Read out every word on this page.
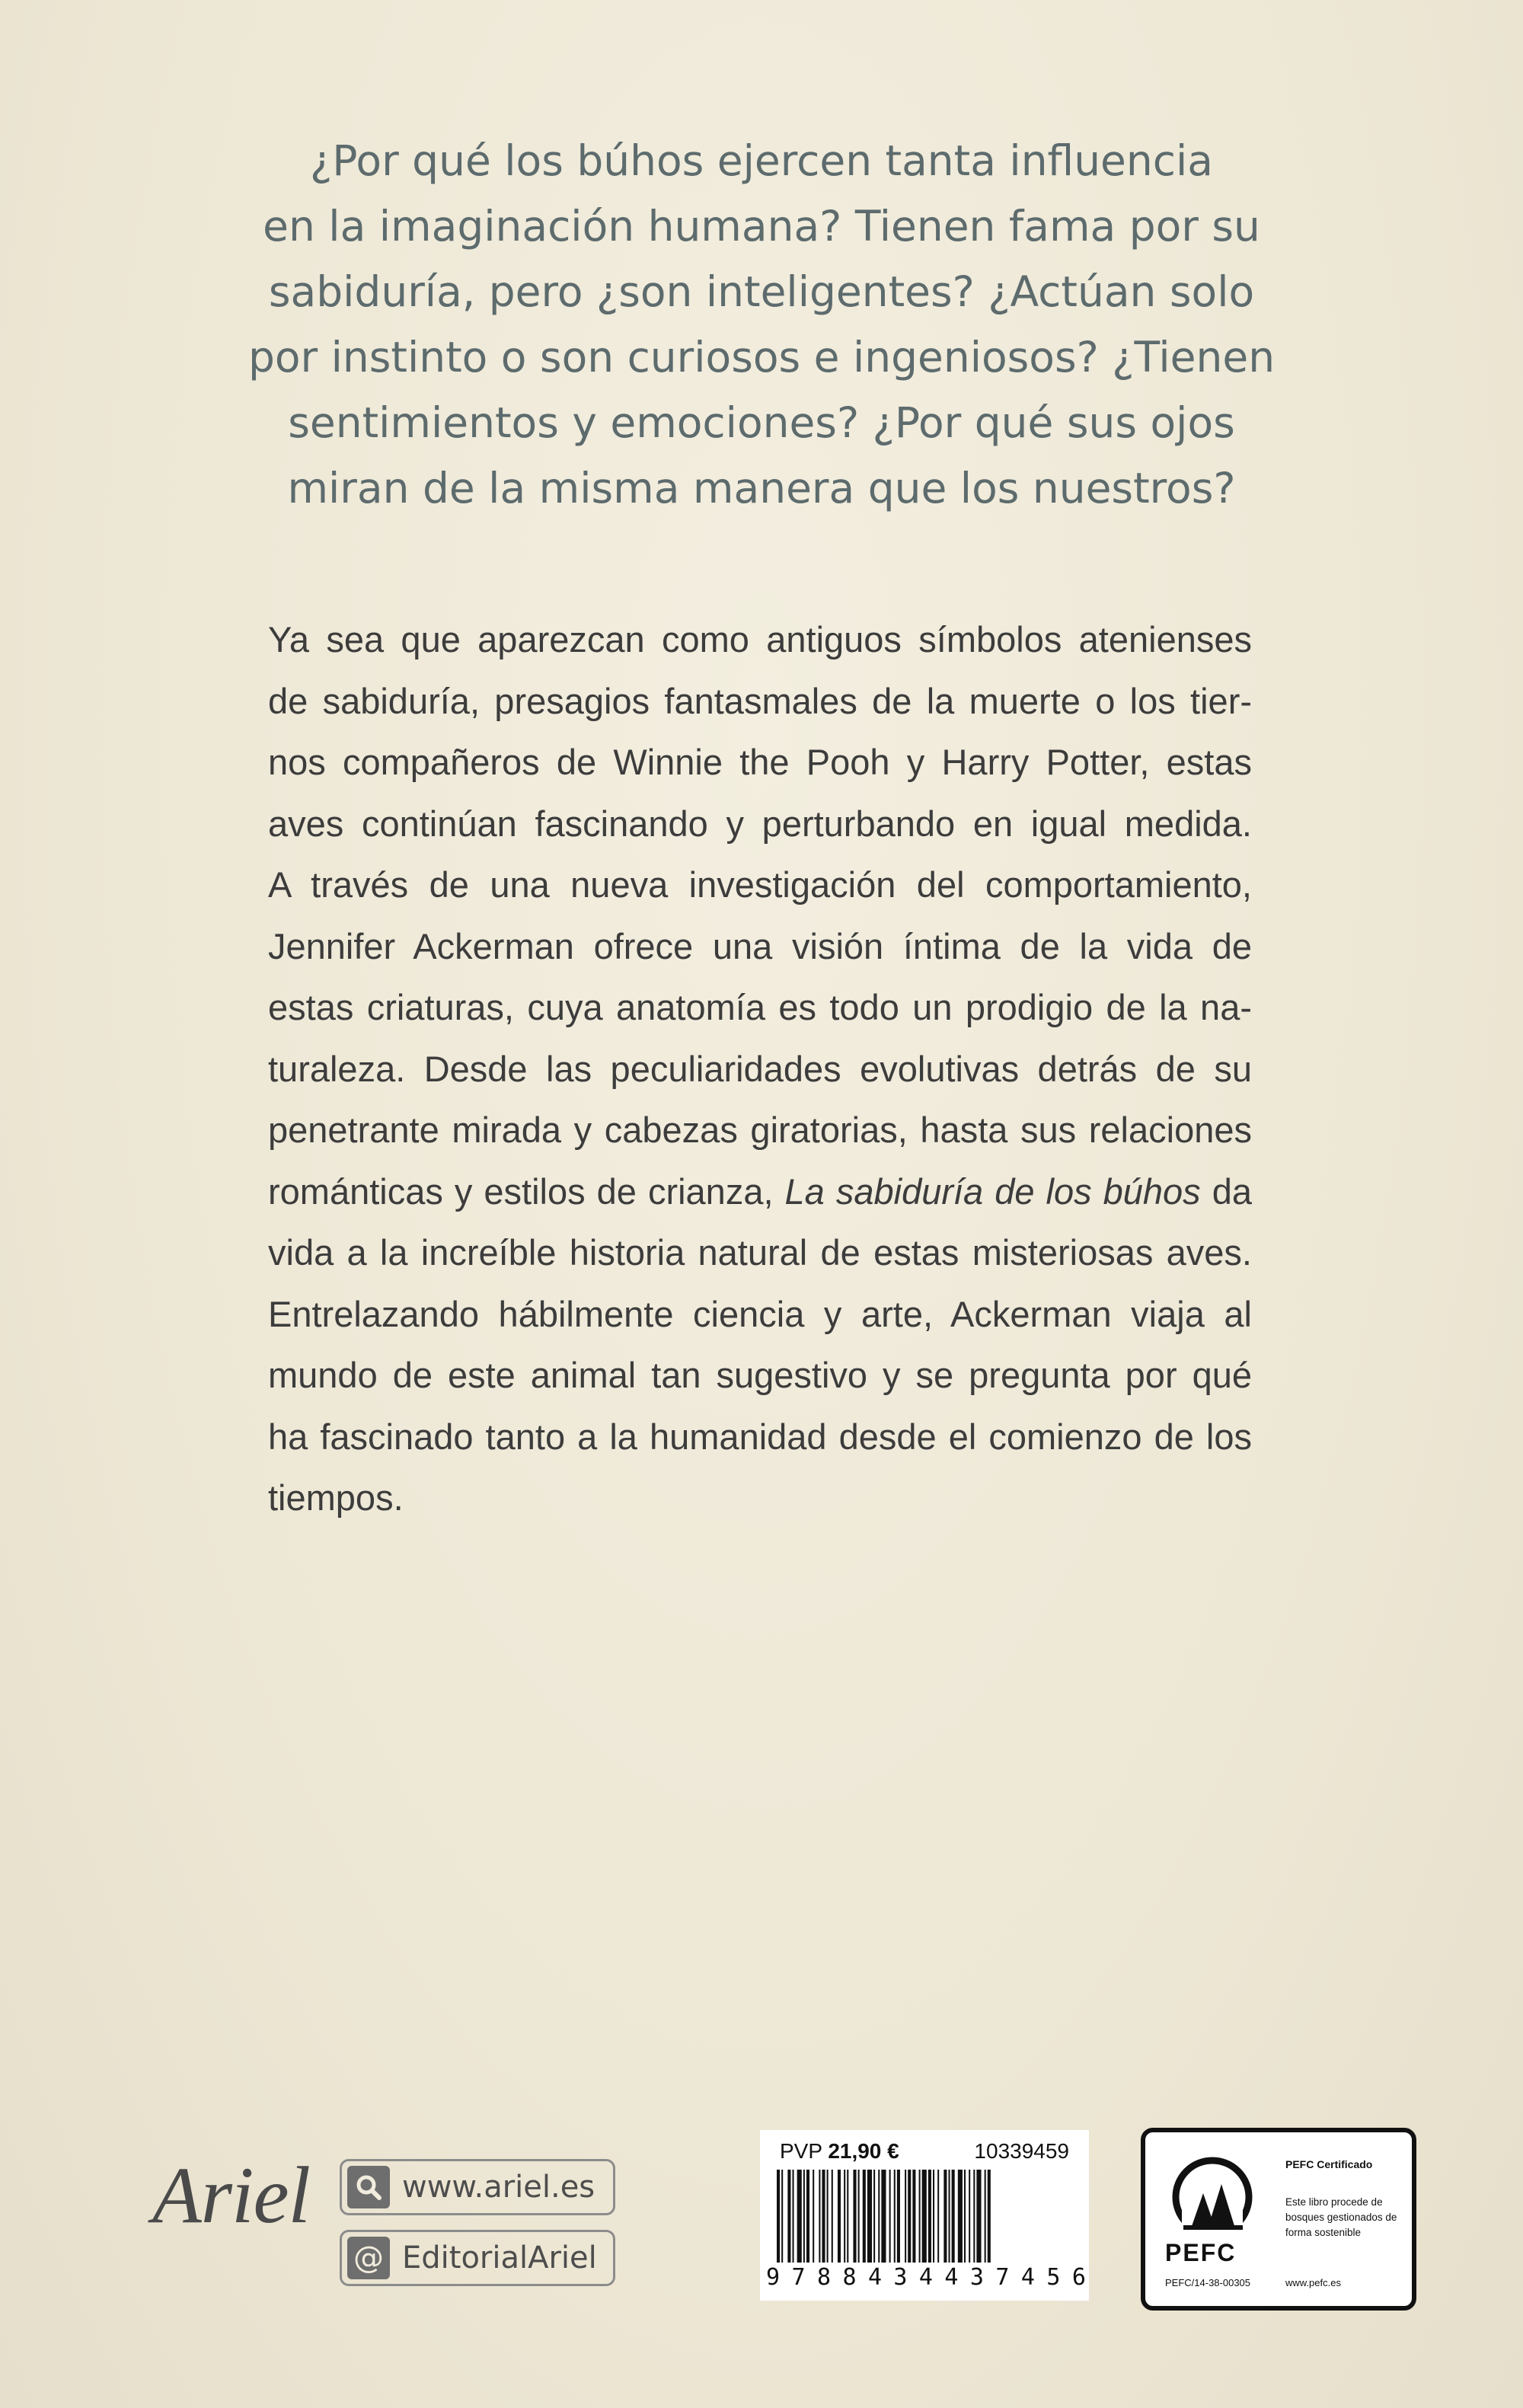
¿Por qué los búhos ejercen tanta influencia
en la imaginación humana? Tienen fama por su
sabiduría, pero ¿son inteligentes? ¿Actúan solo
por instinto o son curiosos e ingeniosos? ¿Tienen
sentimientos y emociones? ¿Por qué sus ojos
miran de la misma manera que los nuestros?
Ya sea que aparezcan como antiguos símbolos atenienses
de sabiduría, presagios fantasmales de la muerte o los tier-
nos compañeros de Winnie the Pooh y Harry Potter, estas
aves continúan fascinando y perturbando en igual medida.
A través de una nueva investigación del comportamiento,
Jennifer Ackerman ofrece una visión íntima de la vida de
estas criaturas, cuya anatomía es todo un prodigio de la na-
turaleza. Desde las peculiaridades evolutivas detrás de su
penetrante mirada y cabezas giratorias, hasta sus relaciones
románticas y estilos de crianza, La sabiduría de los búhos da
vida a la increíble historia natural de estas misteriosas aves.
Entrelazando hábilmente ciencia y arte, Ackerman viaja al
mundo de este animal tan sugestivo y se pregunta por qué
ha fascinado tanto a la humanidad desde el comienzo de los
tiempos.
Ariel	www.ariel.es
@ EditorialAriel
PVP 21,90 €	10339459
9 7 8 8 4 3 4 4 3 7 4 5 6
PEFC
PEFC/14-38-00305
PEFC Certificado
Este libro procede de bosques gestionados de forma sostenible
www.pefc.es
